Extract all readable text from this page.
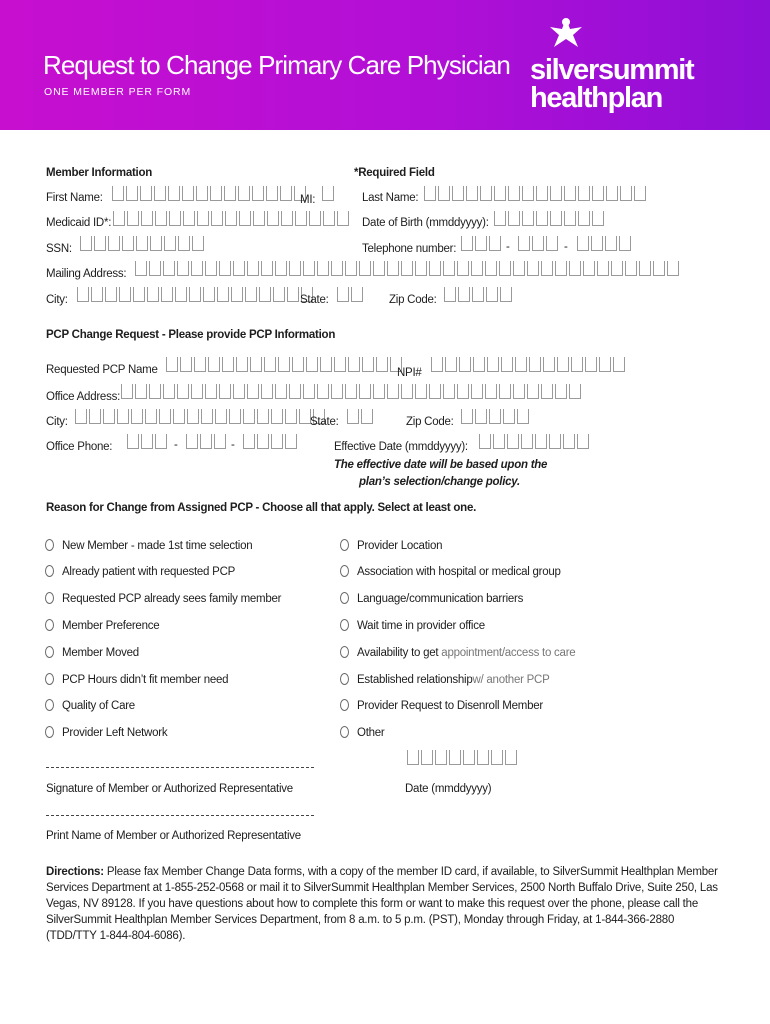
Request to Change Primary Care Physician
ONE MEMBER PER FORM
silversummit
healthplan
Member Information	*Required Field
First Name:	MI:	Last Name:
Medicaid ID*:	Date of Birth (mmddyyyy):
SSN:	Telephone number:	-	-
Mailing Address:
City:	State:	Zip Code:
PCP Change Request - Please provide PCP Information
Requested PCP Name	NPI#
Office Address:
City:	State:	Zip Code:
Office Phone:	-	-	Effective Date (mmddyyyy):
The effective date will be based upon the
plan’s selection/change policy.
Reason for Change from Assigned PCP - Choose all that apply. Select at least one.
New Member - made 1st time selection
Already patient with requested PCP
Requested PCP already sees family member
Member Preference
Member Moved
PCP Hours didn’t fit member need
Quality of Care
Provider Left Network
Provider Location
Association with hospital or medical group
Language/communication barriers
Wait time in provider office
Availability to get appointment/access to care
Established relationshipw/ another PCP
Provider Request to Disenroll Member
Other
Signature of Member or Authorized Representative	Date (mmddyyyy)
Print Name of Member or Authorized Representative
Directions: Please fax Member Change Data forms, with a copy of the member ID card, if available, to SilverSummit Healthplan Member Services Department at 1-855-252-0568 or mail it to SilverSummit Healthplan Member Services, 2500 North Buffalo Drive, Suite 250, Las Vegas, NV 89128. If you have questions about how to complete this form or want to make this request over the phone, please call the SilverSummit Healthplan Member Services Department, from 8 a.m. to 5 p.m. (PST), Monday through Friday, at 1-844-366-2880 (TDD/TTY 1-844-804-6086).
